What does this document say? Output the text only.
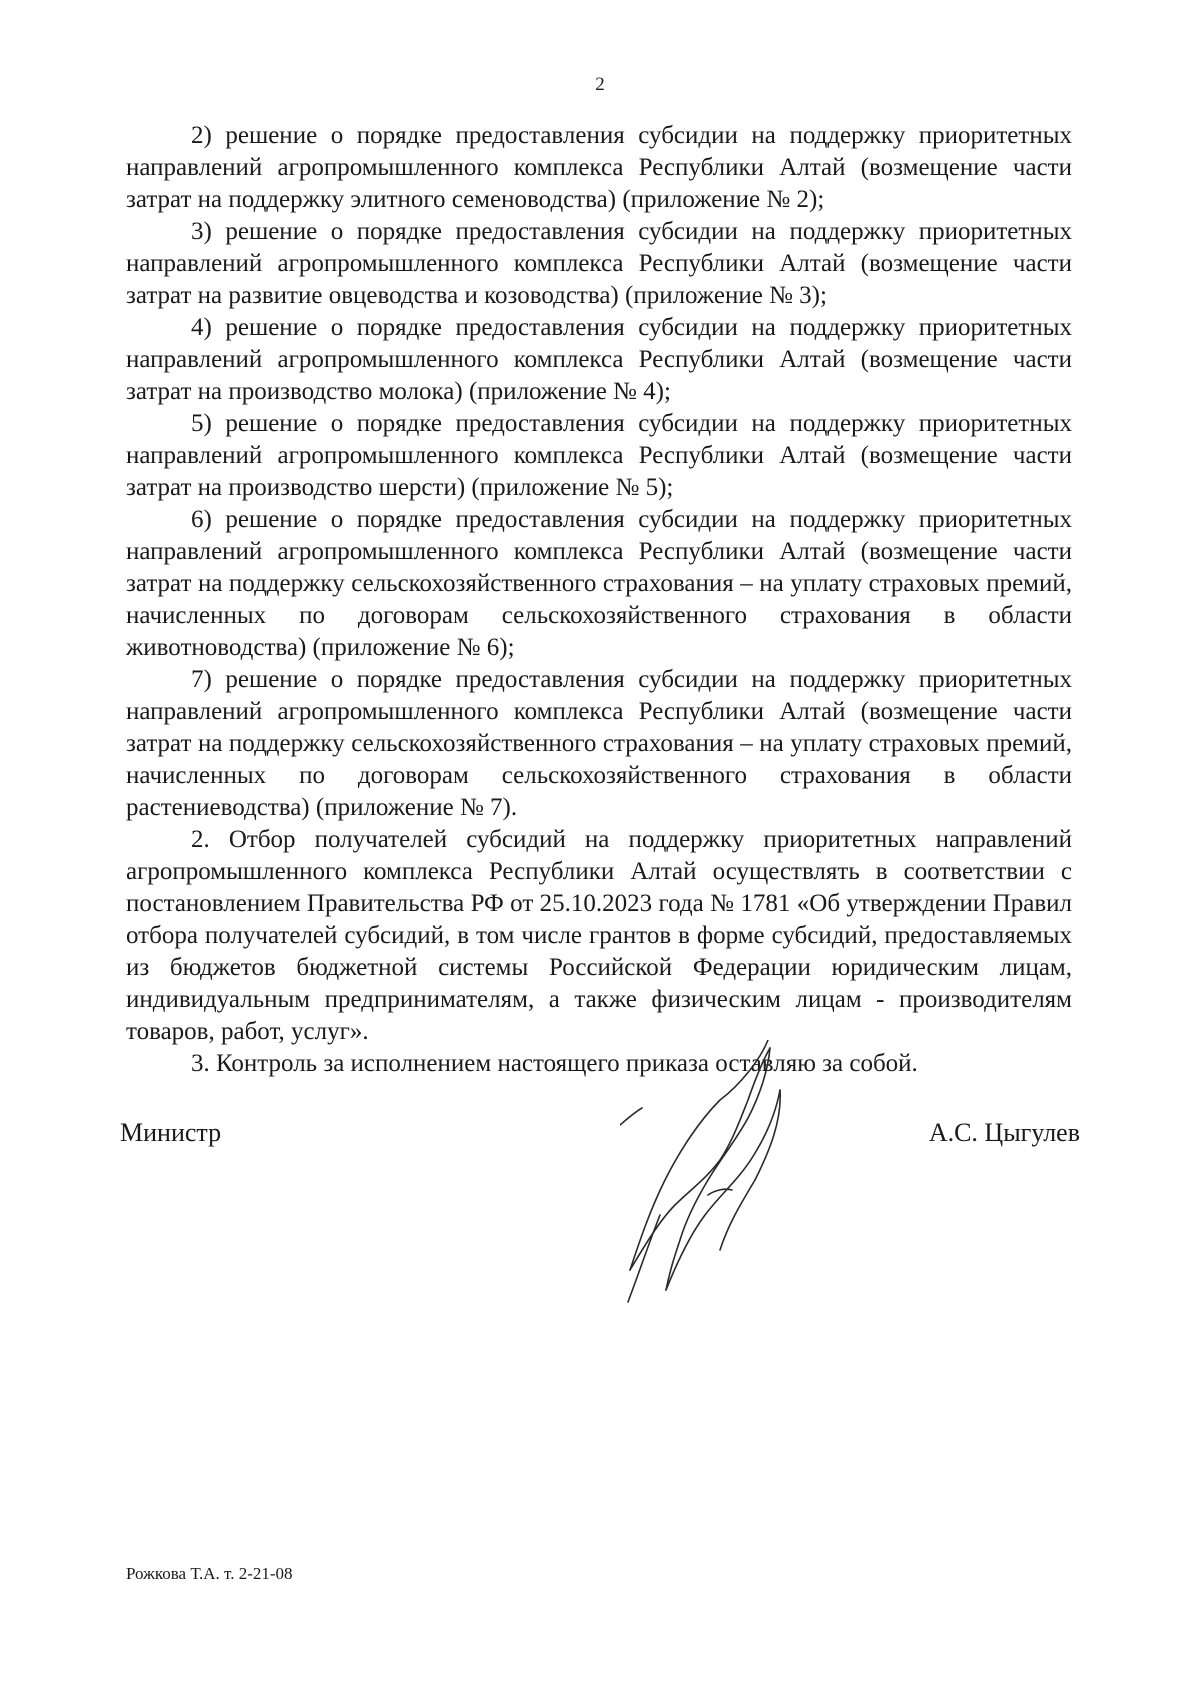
2

2) решение о порядке предоставления субсидии на поддержку приоритетных направлений агропромышленного комплекса Республики Алтай (возмещение части затрат на поддержку элитного семеноводства) (приложение № 2);

3) решение о порядке предоставления субсидии на поддержку приоритетных направлений агропромышленного комплекса Республики Алтай (возмещение части затрат на развитие овцеводства и козоводства) (приложение № 3);

4) решение о порядке предоставления субсидии на поддержку приоритетных направлений агропромышленного комплекса Республики Алтай (возмещение части затрат на производство молока) (приложение № 4);

5) решение о порядке предоставления субсидии на поддержку приоритетных направлений агропромышленного комплекса Республики Алтай (возмещение части затрат на производство шерсти) (приложение № 5);

6) решение о порядке предоставления субсидии на поддержку приоритетных направлений агропромышленного комплекса Республики Алтай (возмещение части затрат на поддержку сельскохозяйственного страхования – на уплату страховых премий, начисленных по договорам сельскохозяйственного страхования в области животноводства) (приложение № 6);

7) решение о порядке предоставления субсидии на поддержку приоритетных направлений агропромышленного комплекса Республики Алтай (возмещение части затрат на поддержку сельскохозяйственного страхования – на уплату страховых премий, начисленных по договорам сельскохозяйственного страхования в области растениеводства) (приложение № 7).

2. Отбор получателей субсидий на поддержку приоритетных направлений агропромышленного комплекса Республики Алтай осуществлять в соответствии с постановлением Правительства РФ от 25.10.2023 года № 1781 «Об утверждении Правил отбора получателей субсидий, в том числе грантов в форме субсидий, предоставляемых из бюджетов бюджетной системы Российской Федерации юридическим лицам, индивидуальным предпринимателям, а также физическим лицам - производителям товаров, работ, услуг».

3. Контроль за исполнением настоящего приказа оставляю за собой.

Министр	А.С. Цыгулев
Рожкова Т.А. т. 2-21-08
